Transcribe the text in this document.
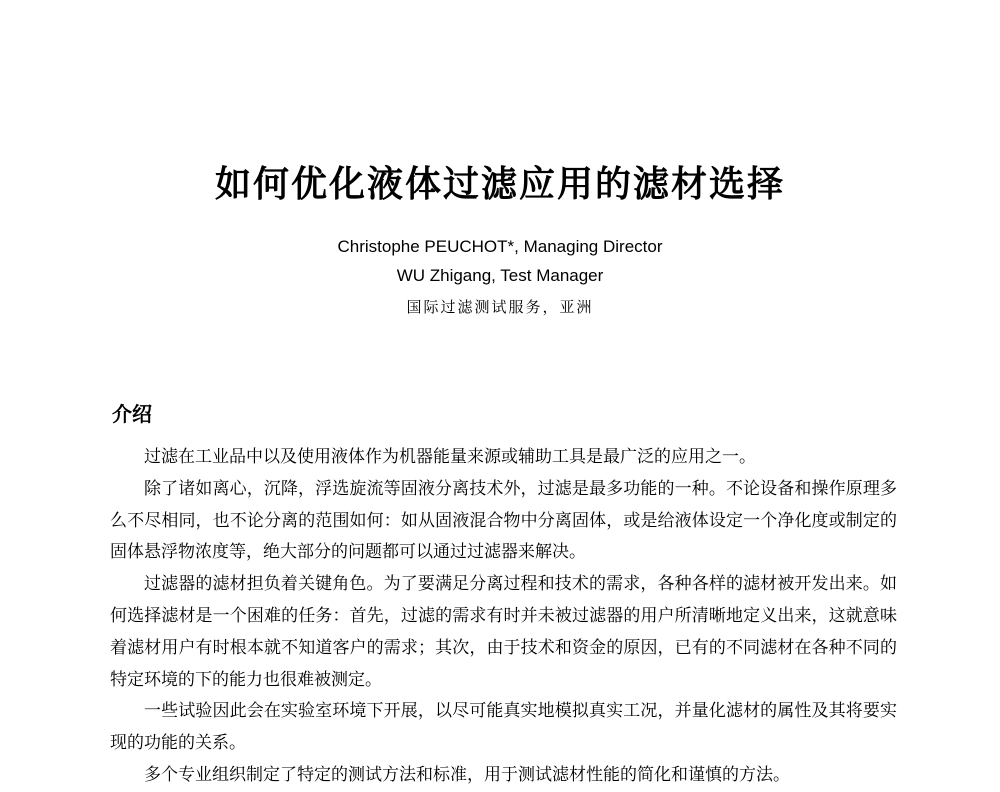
如何优化液体过滤应用的滤材选择
Christophe PEUCHOT*, Managing Director
WU Zhigang, Test Manager
国际过滤测试服务，亚洲
介绍

过滤在工业品中以及使用液体作为机器能量来源或辅助工具是最广泛的应用之一。

除了诸如离心，沉降，浮选旋流等固液分离技术外，过滤是最多功能的一种。不论设备和操作原理多么不尽相同，也不论分离的范围如何：如从固液混合物中分离固体，或是给液体设定一个净化度或制定的固体悬浮物浓度等，绝大部分的问题都可以通过过滤器来解决。

过滤器的滤材担负着关键角色。为了要满足分离过程和技术的需求，各种各样的滤材被开发出来。如何选择滤材是一个困难的任务：首先，过滤的需求有时并未被过滤器的用户所清晰地定义出来，这就意味着滤材用户有时根本就不知道客户的需求；其次，由于技术和资金的原因，已有的不同滤材在各种不同的特定环境的下的能力也很难被测定。

一些试验因此会在实验室环境下开展，以尽可能真实地模拟真实工况，并量化滤材的属性及其将要实现的功能的关系。

多个专业组织制定了特定的测试方法和标准，用于测试滤材性能的简化和谨慎的方法。
